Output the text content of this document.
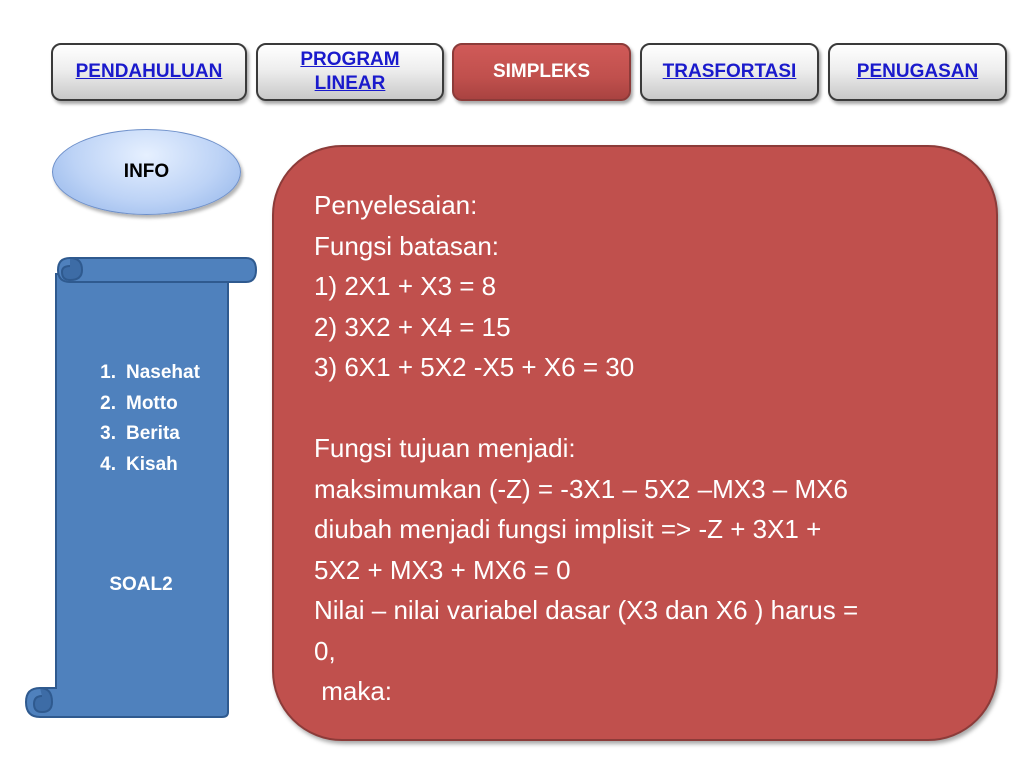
PENDAHULUAN
PROGRAM LINEAR
SIMPLEKS	TRASFORTASI	PENUGASAN
INFO
1. Nasehat
2. Motto
3. Berita
4. Kisah
SOAL2
Penyelesaian:
Fungsi batasan:
1) 2X1 + X3 = 8
2) 3X2 + X4 = 15
3) 6X1 + 5X2 -X5 + X6 = 30
Fungsi tujuan menjadi:
maksimumkan (-Z) = -3X1 – 5X2 –MX3 – MX6
diubah menjadi fungsi implisit => -Z + 3X1 +
5X2 + MX3 + MX6 = 0
Nilai – nilai variabel dasar (X3 dan X6 ) harus =
0,
maka:
